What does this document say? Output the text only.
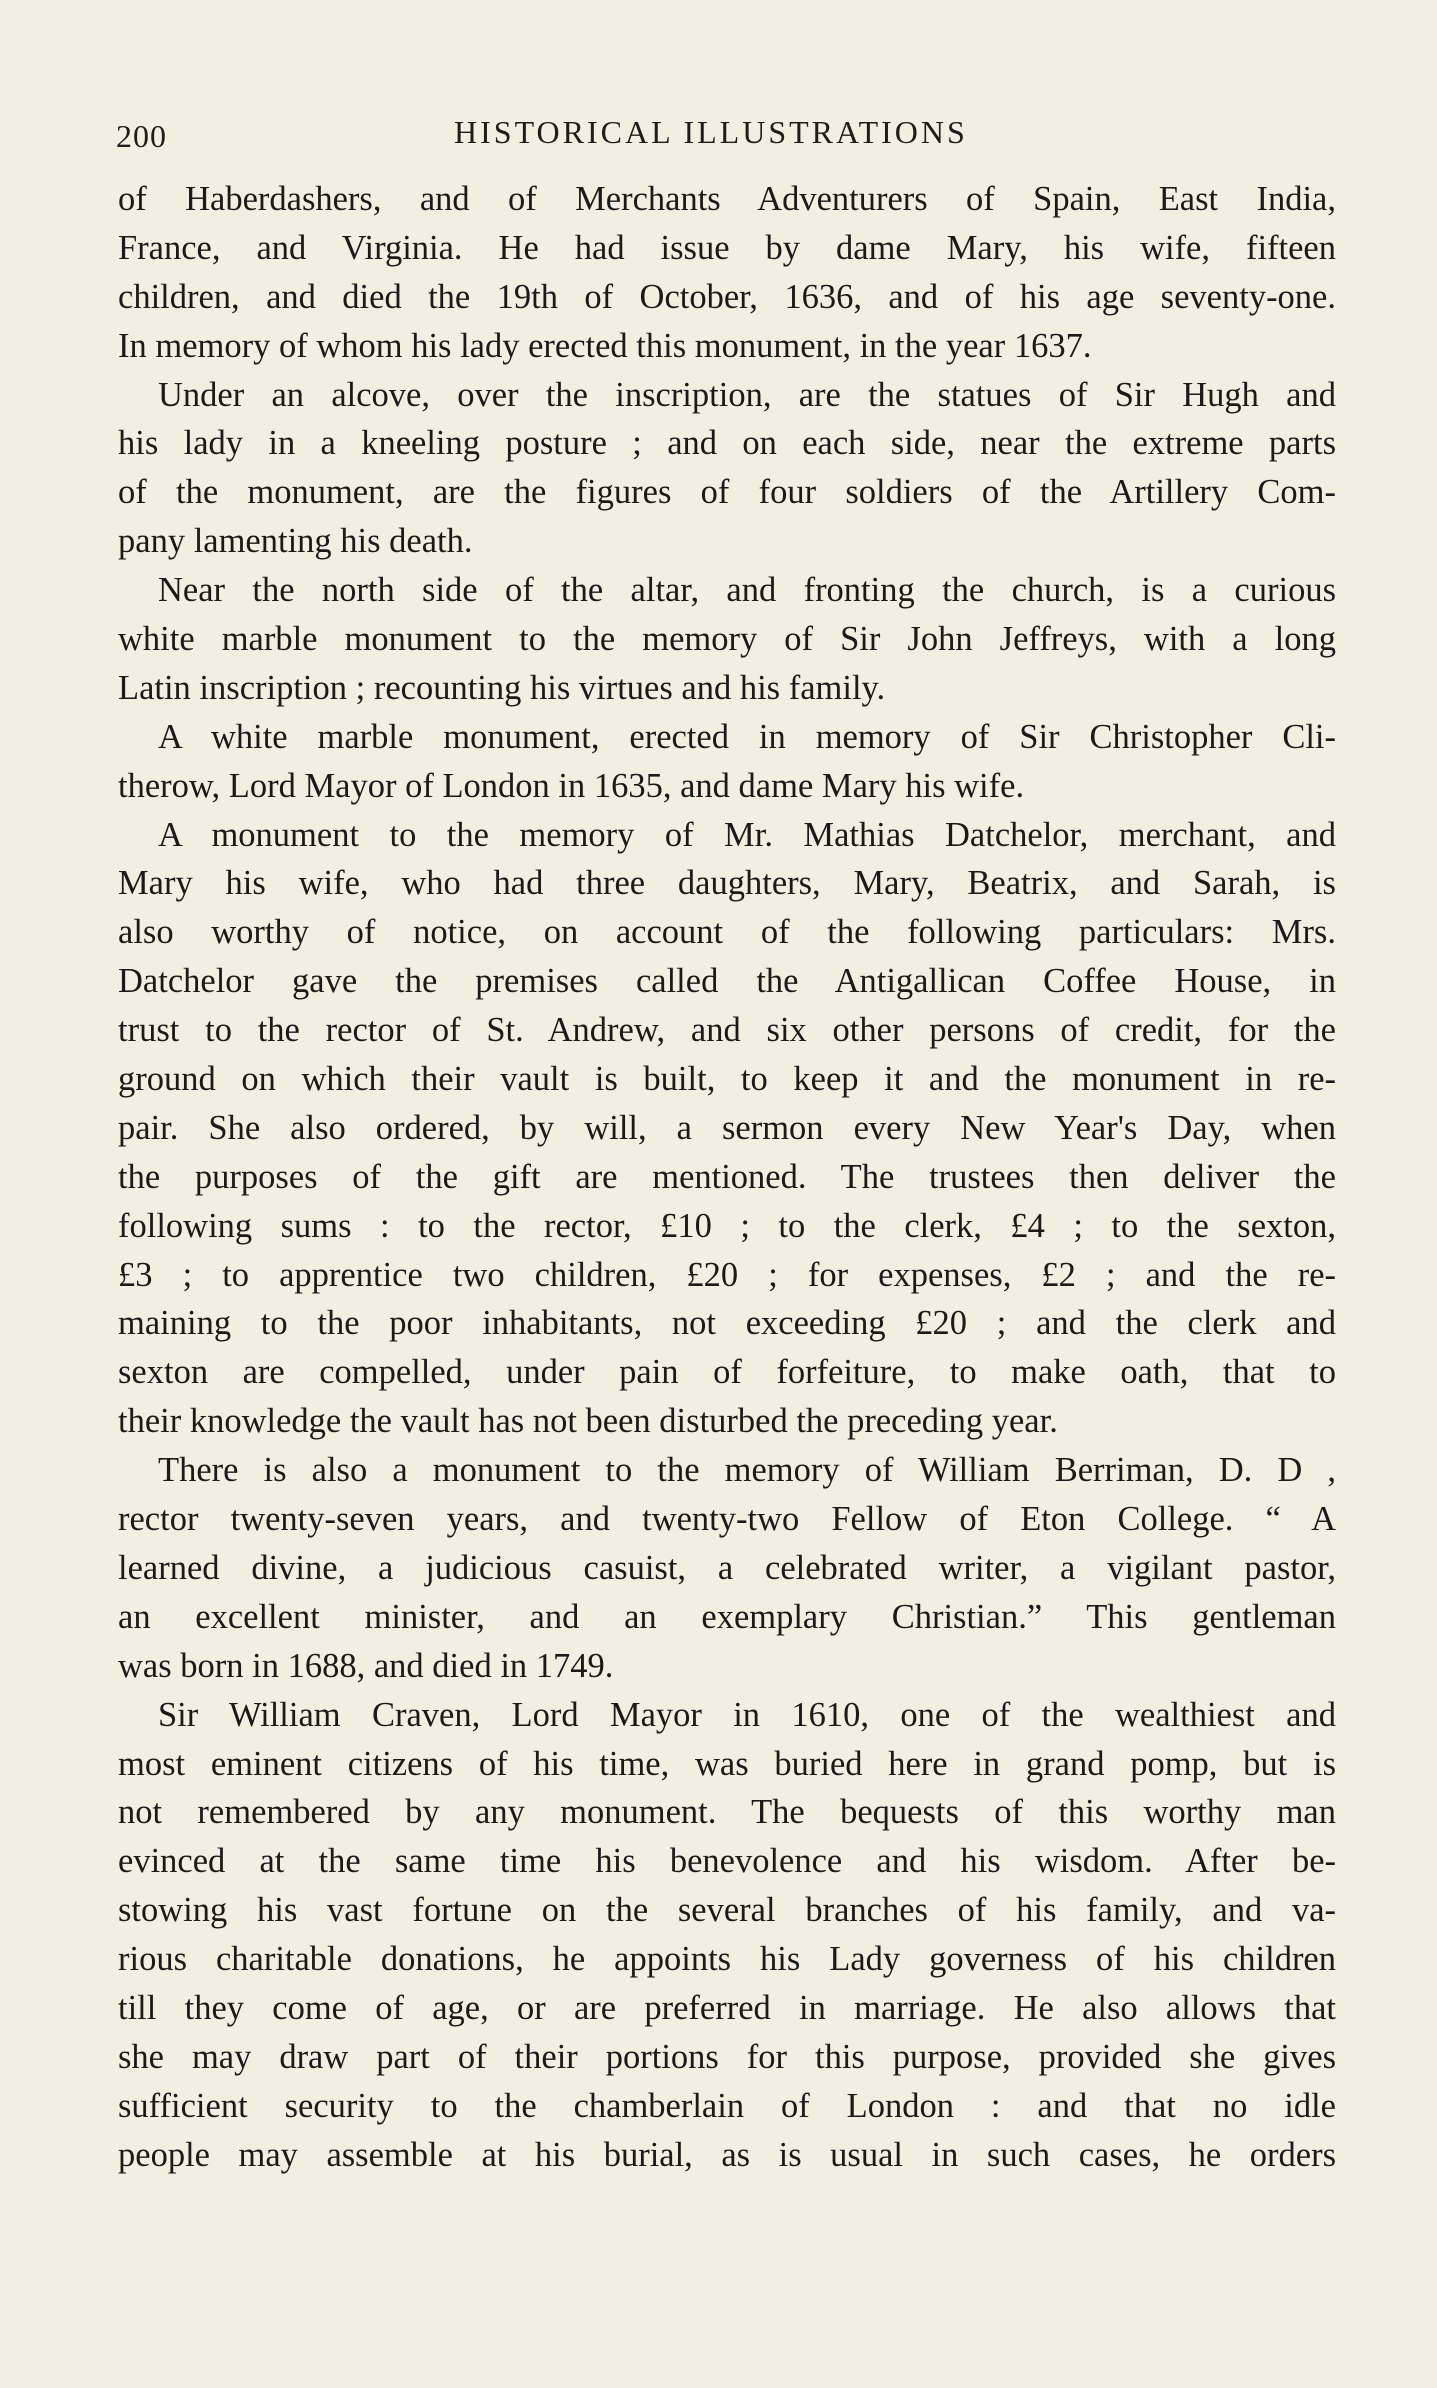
200	HISTORICAL ILLUSTRATIONS
of Haberdashers, and of Merchants Adventurers of Spain, East India,
France, and Virginia. He had issue by dame Mary, his wife, fifteen
children, and died the 19th of October, 1636, and of his age seventy-one.
In memory of whom his lady erected this monument, in the year 1637.
Under an alcove, over the inscription, are the statues of Sir Hugh and
his lady in a kneeling posture ; and on each side, near the extreme parts
of the monument, are the figures of four soldiers of the Artillery Com-
pany lamenting his death.
Near the north side of the altar, and fronting the church, is a curious
white marble monument to the memory of Sir John Jeffreys, with a long
Latin inscription ; recounting his virtues and his family.
A white marble monument, erected in memory of Sir Christopher Cli-
therow, Lord Mayor of London in 1635, and dame Mary his wife.
A monument to the memory of Mr. Mathias Datchelor, merchant, and
Mary his wife, who had three daughters, Mary, Beatrix, and Sarah, is
also worthy of notice, on account of the following particulars: Mrs.
Datchelor gave the premises called the Antigallican Coffee House, in
trust to the rector of St. Andrew, and six other persons of credit, for the
ground on which their vault is built, to keep it and the monument in re-
pair. She also ordered, by will, a sermon every New Year's Day, when
the purposes of the gift are mentioned. The trustees then deliver the
following sums : to the rector, £10 ; to the clerk, £4 ; to the sexton,
£3 ; to apprentice two children, £20 ; for expenses, £2 ; and the re-
maining to the poor inhabitants, not exceeding £20 ; and the clerk and
sexton are compelled, under pain of forfeiture, to make oath, that to
their knowledge the vault has not been disturbed the preceding year.
There is also a monument to the memory of William Berriman, D. D ,
rector twenty-seven years, and twenty-two Fellow of Eton College. “ A
learned divine, a judicious casuist, a celebrated writer, a vigilant pastor,
an excellent minister, and an exemplary Christian.” This gentleman
was born in 1688, and died in 1749.
Sir William Craven, Lord Mayor in 1610, one of the wealthiest and
most eminent citizens of his time, was buried here in grand pomp, but is
not remembered by any monument. The bequests of this worthy man
evinced at the same time his benevolence and his wisdom. After be-
stowing his vast fortune on the several branches of his family, and va-
rious charitable donations, he appoints his Lady governess of his children
till they come of age, or are preferred in marriage. He also allows that
she may draw part of their portions for this purpose, provided she gives
sufficient security to the chamberlain of London : and that no idle
people may assemble at his burial, as is usual in such cases, he orders
